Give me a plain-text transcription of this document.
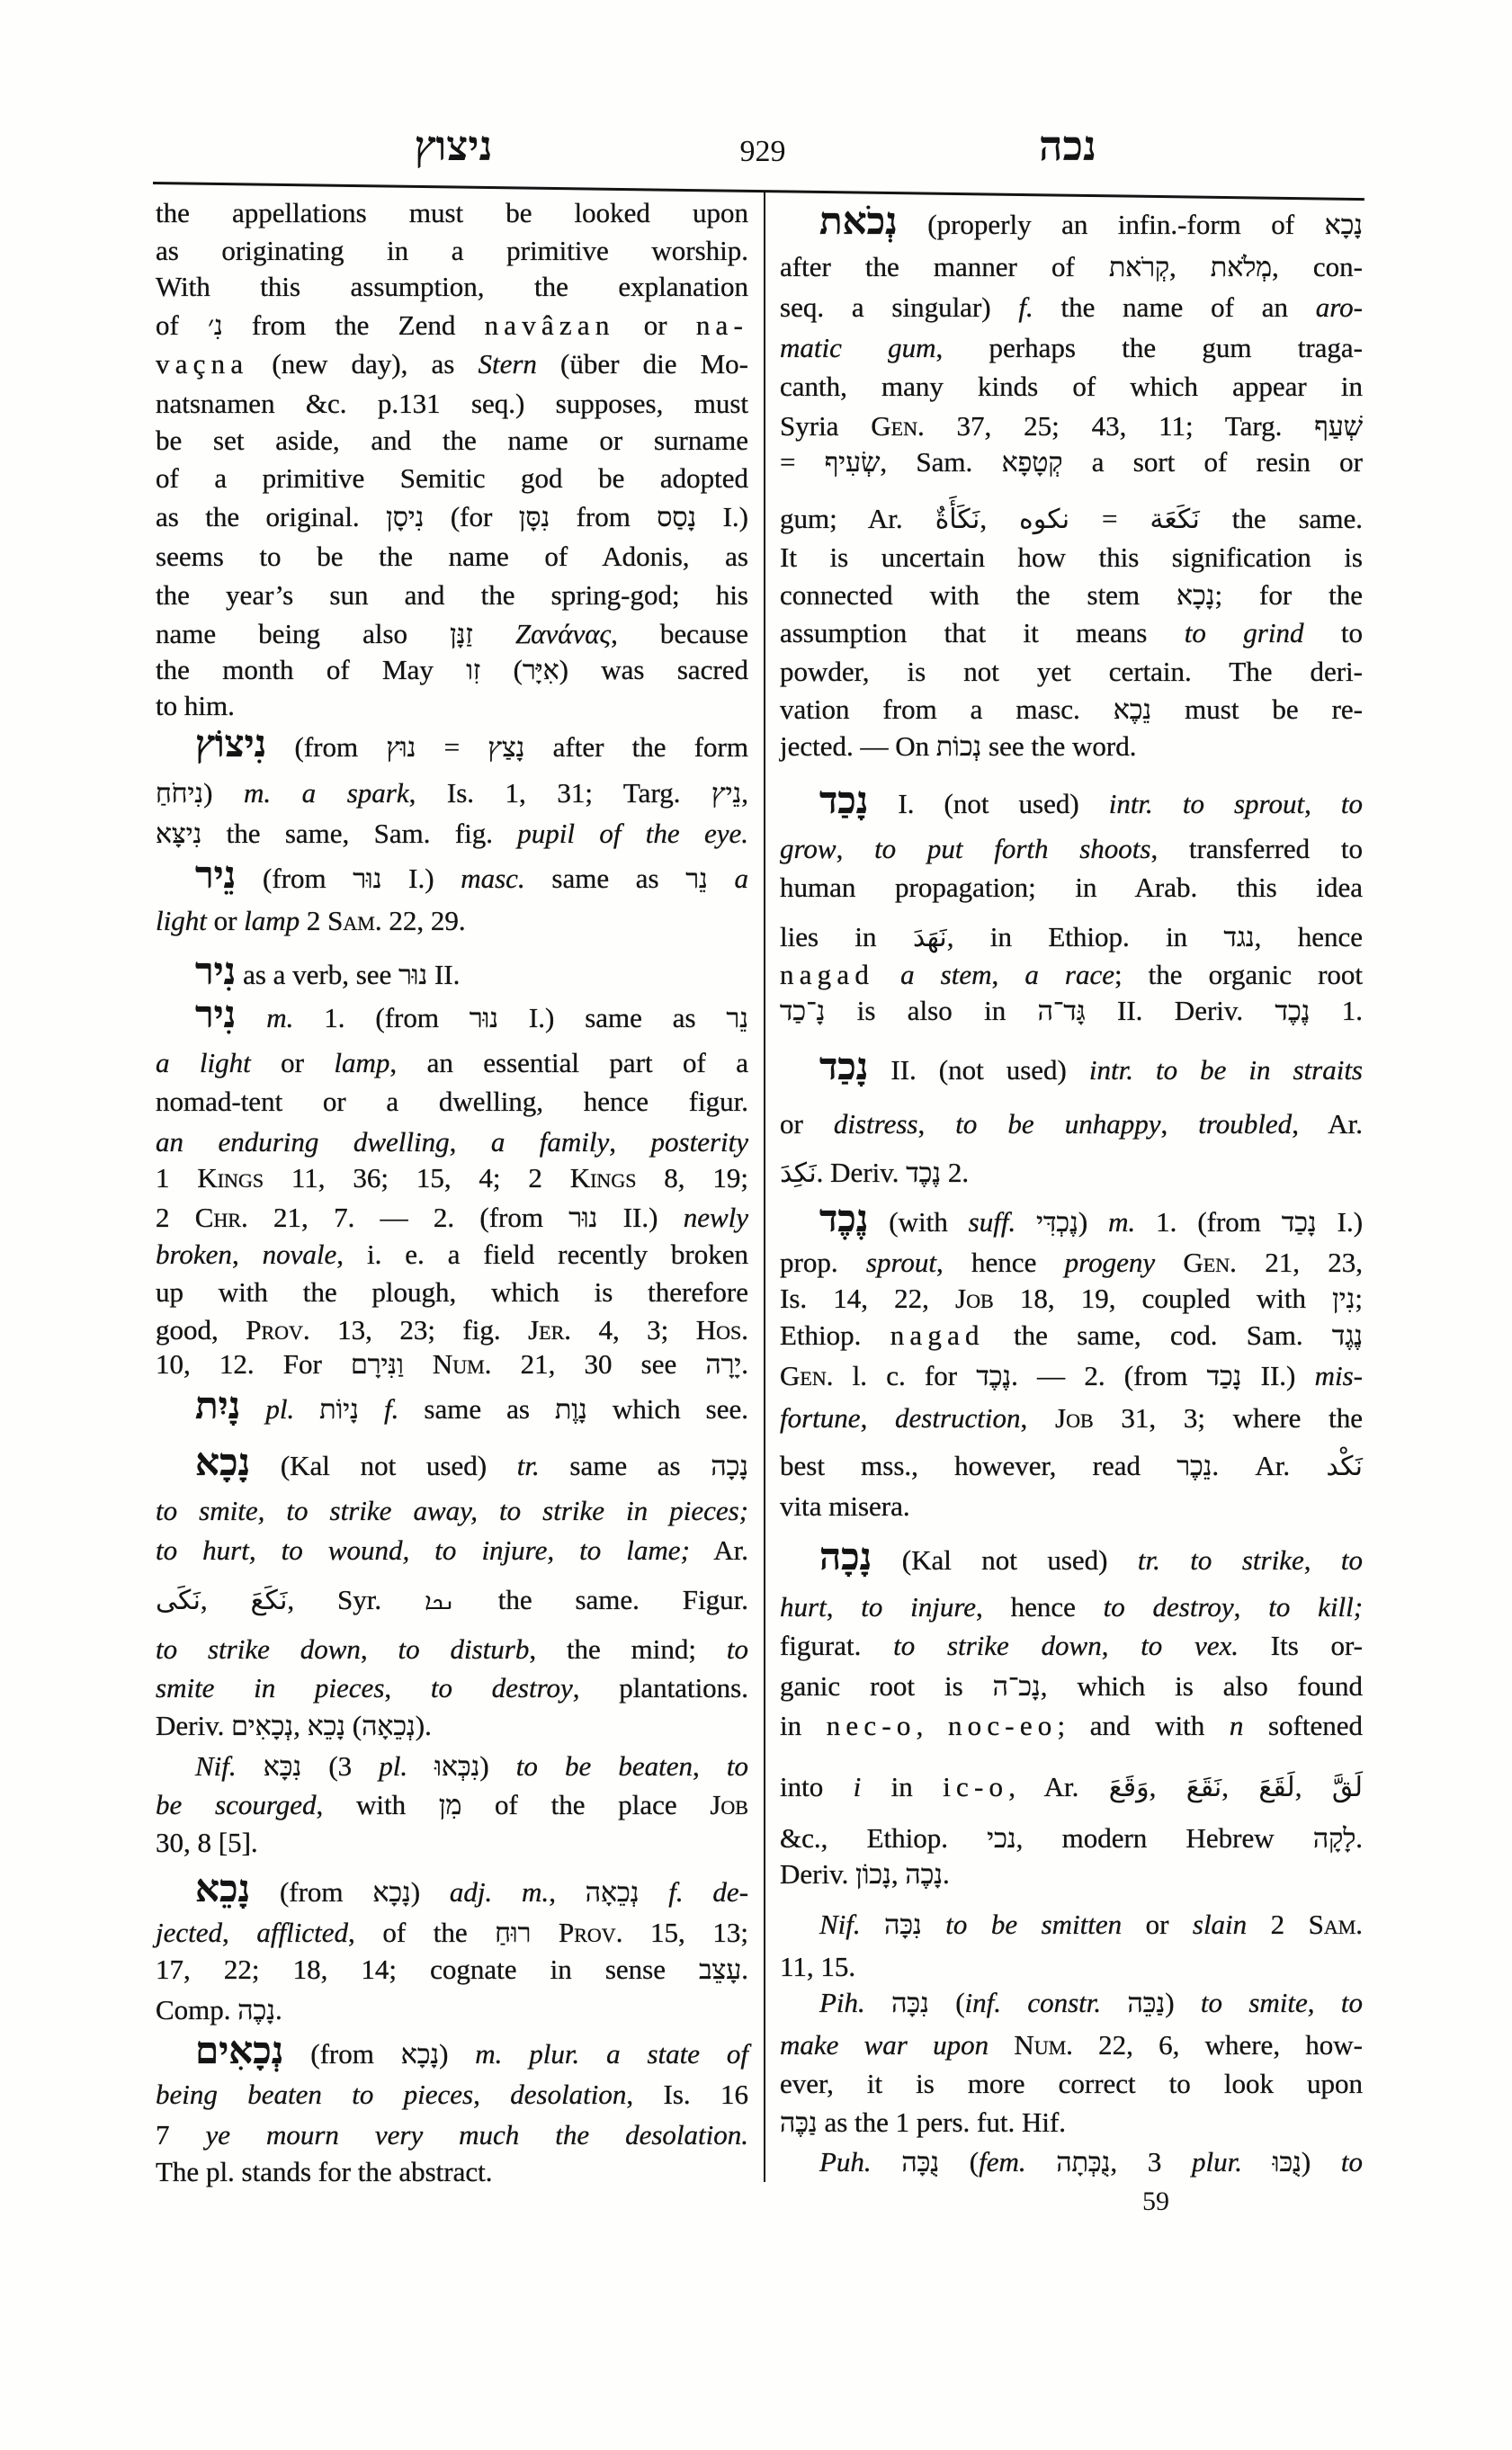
ניצוץ	929	נכה
the appellations must be looked upon
as originating in a primitive worship.
With this assumption, the explanation
of נִ׳ from the Zend navâzan or na-
vaçna (new day), as Stern (über die Mo-
natsnamen &c. p.131 seq.) supposes, must
be set aside, and the name or surname
of a primitive Semitic god be adopted
as the original. נִיסָן (for נִסָּן from נָסַס I.)
seems to be the name of Adonis, as
the year’s sun and the spring-god; his
name being also זַנָּן Ζανάνας, because
the month of May זִו (אִיָּר) was sacred
to him.
נִיצוֹץ (from נוּץ = נָצַץ after the form
נִיחֹחַ) m. a spark, Is. 1, 31; Targ. נֵיץ,
נִיצָּא the same, Sam. fig. pupil of the eye.
נֵיר (from נוּר I.) masc. same as נֵר a
light or lamp 2 Sam. 22, 29.
נִיר as a verb, see נוּר II.
נִיר m. 1. (from נוּר I.) same as נֵר
a light or lamp, an essential part of a
nomad-tent or a dwelling, hence figur.
an enduring dwelling, a family, posterity
1 Kings 11, 36; 15, 4; 2 Kings 8, 19;
2 Chr. 21, 7. — 2. (from נוּר II.) newly
broken, novale, i. e. a field recently broken
up with the plough, which is therefore
good, Prov. 13, 23; fig. Jer. 4, 3; Hos.
10, 12. For וַנִּירָם Num. 21, 30 see יָרָה.
נָיִת pl. נָיוֹת f. same as נָוֶת which see.
נָכָא (Kal not used) tr. same as נָכָה
to smite, to strike away, to strike in pieces;
to hurt, to wound, to injure, to lame; Ar.
نَكَى, نَكَعَ, Syr. ܢܟܐ the same. Figur.
to strike down, to disturb, the mind; to
smite in pieces, to destroy, plantations.
Deriv. נְכָאִים, נָכֵא (נְכֵאָה).
Nif. נִכָּא (3 pl. נִכְּאוּ) to be beaten, to
be scourged, with מִן of the place Job
30, 8 [5].
נָכֵא (from נָכָא) adj. m., נְכֵאָה f. de-
jected, afflicted, of the רוּחַ Prov. 15, 13;
17, 22; 18, 14; cognate in sense עָצֵב.
Comp. נָכֶה.
נְכָאִים (from נָכָא) m. plur. a state of
being beaten to pieces, desolation, Is. 16
7 ye mourn very much the desolation.
The pl. stands for the abstract.
נְכֹאת (properly an infin.-form of נָכָא
after the manner of קְרֹאת, מְלֹאת, con-
seq. a singular) f. the name of an aro-
matic gum, perhaps the gum traga-
canth, many kinds of which appear in
Syria Gen. 37, 25; 43, 11; Targ. שְׁעַף
= שְׂעִיף, Sam. קְטָפָא a sort of resin or
gum; Ar. نَكَأَةٌ, نكوه = نَكَعَة the same.
It is uncertain how this signification is
connected with the stem נָכָא; for the
assumption that it means to grind to
powder, is not yet certain. The deri-
vation from a masc. נֵכֶא must be re-
jected. — On נְכוֹת see the word.
נָכַד I. (not used) intr. to sprout, to
grow, to put forth shoots, transferred to
human propagation; in Arab. this idea
lies in نَهَدَ, in Ethiop. in נגד, hence
nagad a stem, a race; the organic root
נָ־כַד is also in גָּד־ה II. Deriv. נֶכֶד 1.
נָכַד II. (not used) intr. to be in straits
or distress, to be unhappy, troubled, Ar.
نَكِدَ. Deriv. נֶכֶד 2.
נֶכֶד (with suff. נֶכְדִּי) m. 1. (from נָכַד I.)
prop. sprout, hence progeny Gen. 21, 23,
Is. 14, 22, Job 18, 19, coupled with נִין;
Ethiop. nagad the same, cod. Sam. נֶגֶד
Gen. l. c. for נֶכֶד. — 2. (from נָכַד II.) mis-
fortune, destruction, Job 31, 3; where the
best mss., however, read נֵכֶר. Ar. نَكْد
vita misera.
נָכָה (Kal not used) tr. to strike, to
hurt, to injure, hence to destroy, to kill;
figurat. to strike down, to vex. Its or-
ganic root is נָכ־ה, which is also found
in nec-o, noc-eo; and with n softened
into i in ic-o, Ar. وَقَعَ, نَقَعَ, لَقَعَ, لَقَّ
&c., Ethiop. נכי, modern Hebrew לָקָה.
Deriv. נָכוֹן, נָכֶה.
Nif. נִכָּה to be smitten or slain 2 Sam.
11, 15.
Pih. נִכָּה (inf. constr. נַכֵּה) to smite, to
make war upon Num. 22, 6, where, how-
ever, it is more correct to look upon
נַכֶּה as the 1 pers. fut. Hif.
Puh. נֻכָּה (fem. נֻכְּתָה, 3 plur. נֻכּוּ) to
59
